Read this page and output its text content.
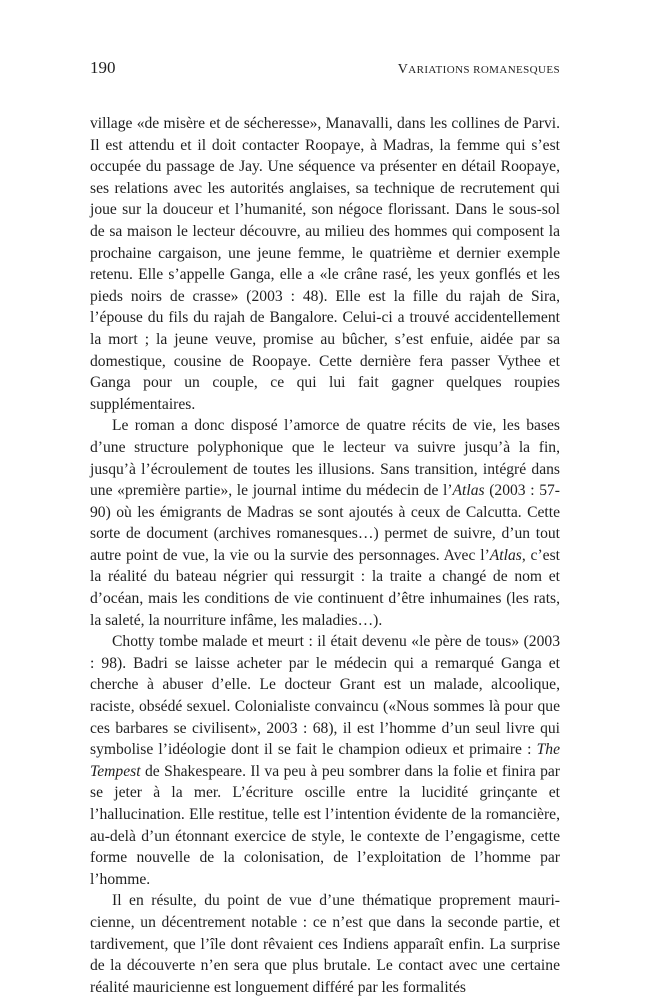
190	VARIATIONS ROMANESQUES

village «de misère et de sécheresse», Manavalli, dans les collines de Parvi. Il est attendu et il doit contacter Roopaye, à Madras, la femme qui s’est occupée du passage de Jay. Une séquence va présenter en détail Roopaye, ses relations avec les autorités anglaises, sa technique de recrutement qui joue sur la douceur et l’humanité, son négoce florissant. Dans le sous-sol de sa maison le lecteur découvre, au milieu des hommes qui composent la prochaine cargaison, une jeune femme, le quatrième et dernier exemple retenu. Elle s’appelle Ganga, elle a «le crâne rasé, les yeux gonflés et les pieds noirs de crasse» (2003 : 48). Elle est la fille du rajah de Sira, l’épouse du fils du rajah de Bangalore. Celui-ci a trouvé accidentellement la mort ; la jeune veuve, promise au bûcher, s’est enfuie, aidée par sa domestique, cousine de Roopaye. Cette dernière fera passer Vythee et Ganga pour un couple, ce qui lui fait gagner quelques roupies supplémentaires.

Le roman a donc disposé l’amorce de quatre récits de vie, les bases d’une structure polyphonique que le lecteur va suivre jusqu’à la fin, jusqu’à l’écroulement de toutes les illusions. Sans transition, intégré dans une «première partie», le journal intime du médecin de l’Atlas (2003 : 57-90) où les émigrants de Madras se sont ajoutés à ceux de Calcutta. Cette sorte de document (archives romanesques…) permet de suivre, d’un tout autre point de vue, la vie ou la survie des personnages. Avec l’Atlas, c’est la réalité du bateau négrier qui ressurgit : la traite a changé de nom et d’océan, mais les conditions de vie continuent d’être inhumaines (les rats, la saleté, la nourriture infâme, les maladies…).

Chotty tombe malade et meurt : il était devenu «le père de tous» (2003 : 98). Badri se laisse acheter par le médecin qui a remarqué Ganga et cherche à abuser d’elle. Le docteur Grant est un malade, alcoolique, raciste, obsédé sexuel. Colonialiste convaincu («Nous sommes là pour que ces barbares se civilisent», 2003 : 68), il est l’homme d’un seul livre qui symbolise l’idéologie dont il se fait le champion odieux et primaire : The Tempest de Shakespeare. Il va peu à peu sombrer dans la folie et finira par se jeter à la mer. L’écriture oscille entre la lucidité grinçante et l’hallucination. Elle restitue, telle est l’intention évidente de la romancière, au-delà d’un étonnant exercice de style, le contexte de l’engagisme, cette forme nouvelle de la colonisation, de l’exploitation de l’homme par l’homme.

Il en résulte, du point de vue d’une thématique proprement mauricienne, un décentrement notable : ce n’est que dans la seconde partie, et tardivement, que l’île dont rêvaient ces Indiens apparaît enfin. La surprise de la découverte n’en sera que plus brutale. Le contact avec une certaine réalité mauricienne est longuement différé par les formalités
